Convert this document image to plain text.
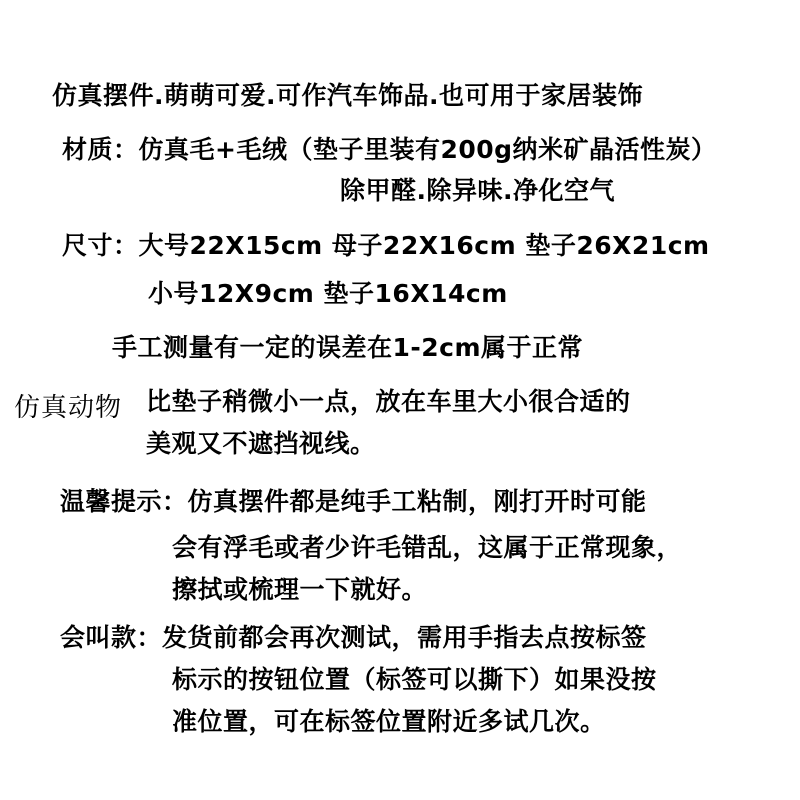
仿真摆件.萌萌可爱.可作汽车饰品.也可用于家居装饰
材质：仿真毛+毛绒（垫子里装有200g纳米矿晶活性炭）
除甲醛.除异味.净化空气
尺寸：大号22X15cm 母子22X16cm 垫子26X21cm
小号12X9cm 垫子16X14cm
手工测量有一定的误差在1-2cm属于正常
仿真动物 比垫子稍微小一点，放在车里大小很合适的
美观又不遮挡视线。
温馨提示：仿真摆件都是纯手工粘制，刚打开时可能
会有浮毛或者少许毛错乱，这属于正常现象，
擦拭或梳理一下就好。
会叫款：发货前都会再次测试，需用手指去点按标签
标示的按钮位置（标签可以撕下）如果没按
准位置，可在标签位置附近多试几次。
